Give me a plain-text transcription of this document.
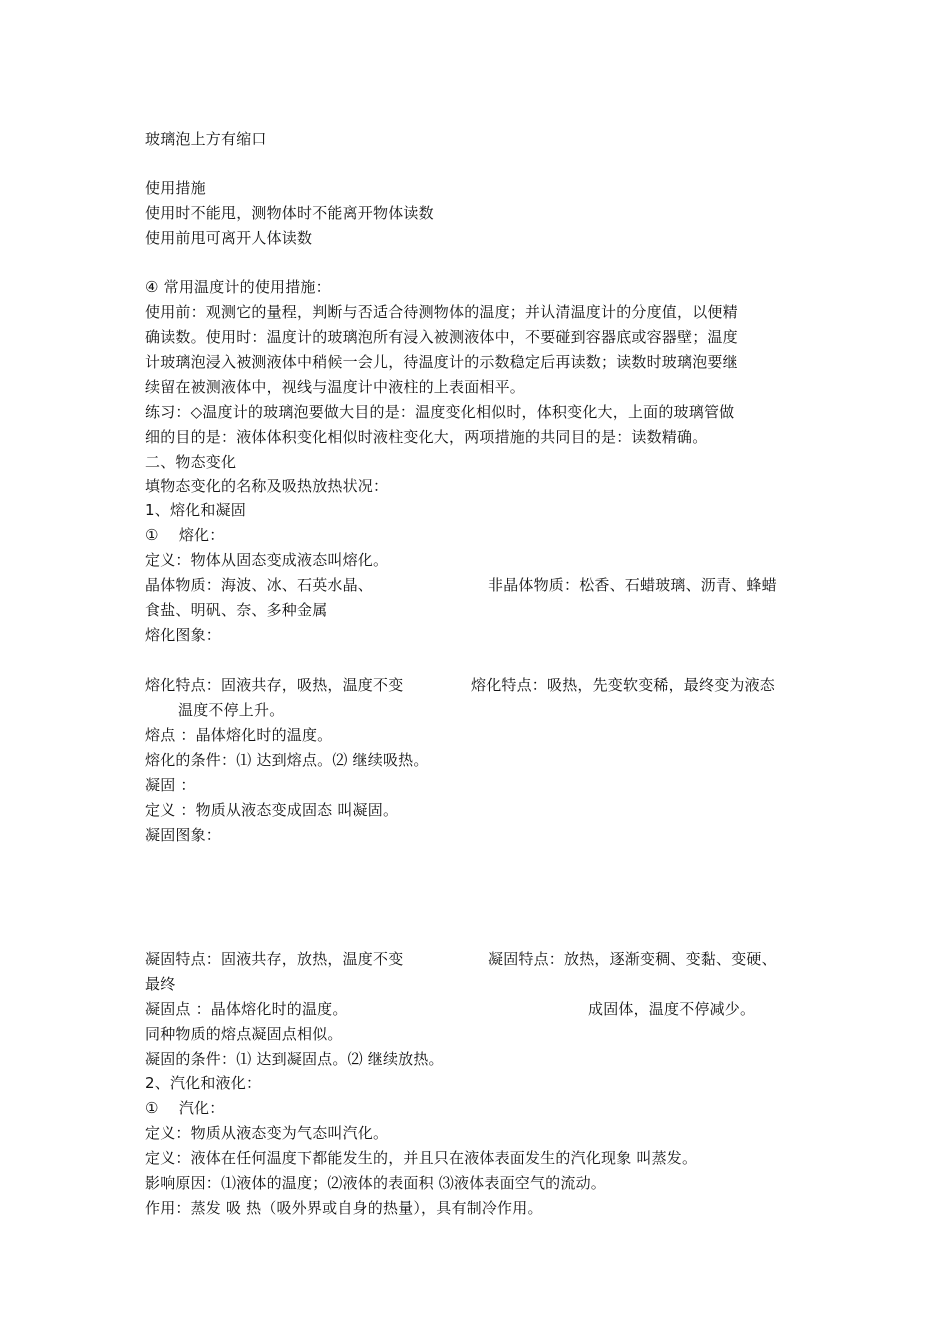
玻璃泡上方有缩口
使用措施
使用时不能甩，测物体时不能离开物体读数
使用前甩可离开人体读数
④ 常用温度计的使用措施：
使用前：观测它的量程，判断与否适合待测物体的温度；并认清温度计的分度值，以便精
确读数。使用时：温度计的玻璃泡所有浸入被测液体中，不要碰到容器底或容器壁；温度
计玻璃泡浸入被测液体中稍候一会儿，待温度计的示数稳定后再读数；读数时玻璃泡要继
续留在被测液体中，视线与温度计中液柱的上表面相平。
练习：◇温度计的玻璃泡要做大目的是：温度变化相似时，体积变化大，上面的玻璃管做
细的目的是：液体体积变化相似时液柱变化大，两项措施的共同目的是：读数精确。
二、物态变化
填物态变化的名称及吸热放热状况：
1、熔化和凝固
①　 熔化：
定义：物体从固态变成液态叫熔化。
晶体物质：海波、冰、石英水晶、	非晶体物质：松香、石蜡玻璃、沥青、蜂蜡
食盐、明矾、奈、多种金属
熔化图象：
熔化特点：固液共存，吸热，温度不变	熔化特点：吸热，先变软变稀，最终变为液态
温度不停上升。
熔点 ：晶体熔化时的温度。
熔化的条件：⑴ 达到熔点。⑵ 继续吸热。
凝固 ：
定义 ：物质从液态变成固态 叫凝固。
凝固图象：
凝固特点：固液共存，放热，温度不变	凝固特点：放热，逐渐变稠、变黏、变硬、
最终
凝固点 ：晶体熔化时的温度。	成固体，温度不停减少。
同种物质的熔点凝固点相似。
凝固的条件：⑴ 达到凝固点。⑵ 继续放热。
2、汽化和液化：
①　 汽化：
定义：物质从液态变为气态叫汽化。
定义：液体在任何温度下都能发生的，并且只在液体表面发生的汽化现象 叫蒸发。
影响原因：⑴液体的温度；⑵液体的表面积 ⑶液体表面空气的流动。
作用：蒸发 吸 热（吸外界或自身的热量），具有制冷作用。
